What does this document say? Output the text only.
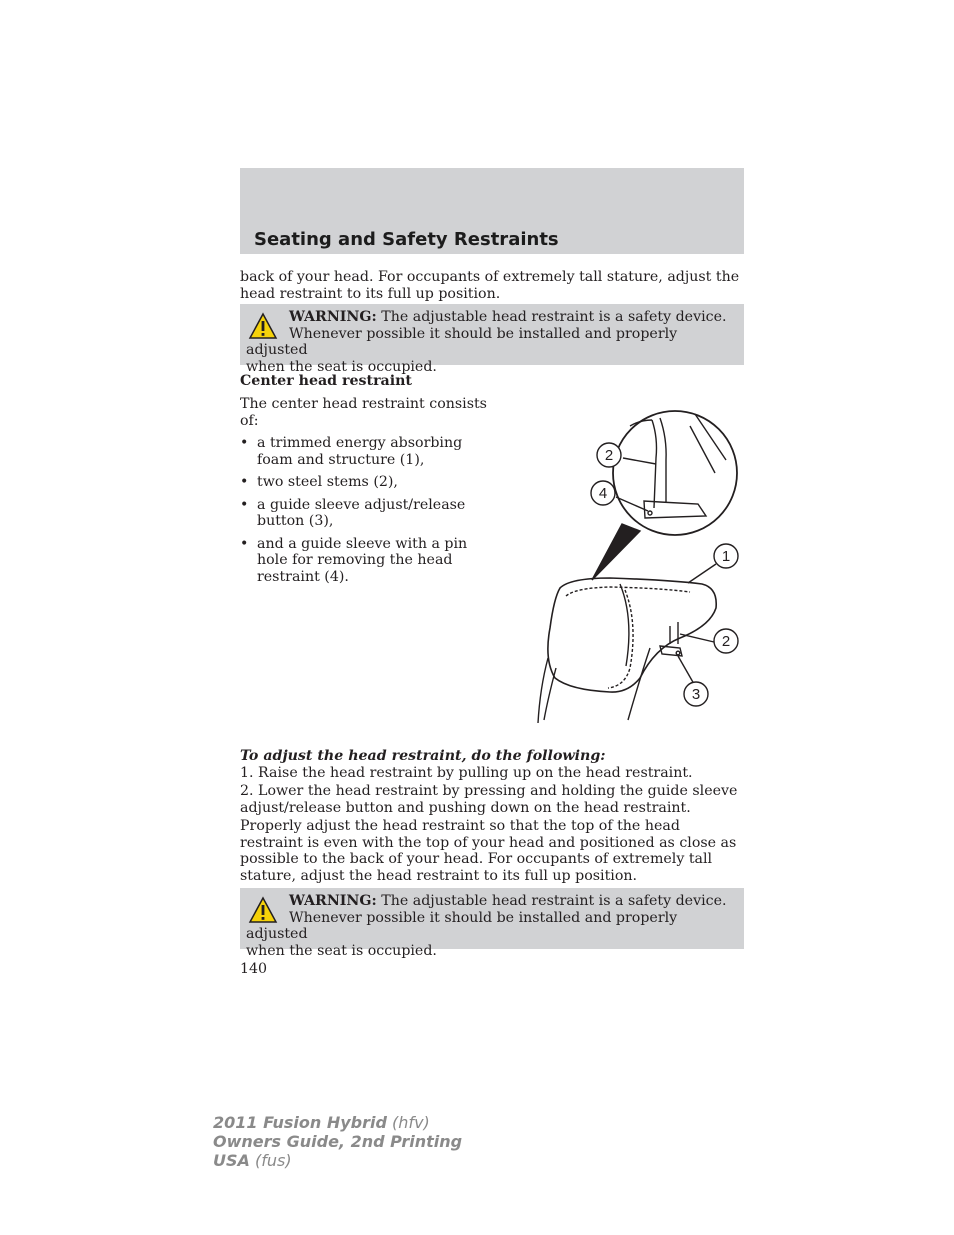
Seating and Safety Restraints

back of your head. For occupants of extremely tall stature, adjust the head restraint to its full up position.

WARNING: The adjustable head restraint is a safety device.
Whenever possible it should be installed and properly adjusted
when the seat is occupied.

Center head restraint

The center head restraint consists of:

• a trimmed energy absorbing foam and structure (1),
• two steel stems (2),
• a guide sleeve adjust/release button (3),
• and a guide sleeve with a pin hole for removing the head restraint (4).
2
4
1
2
3

To adjust the head restraint, do the following:

1. Raise the head restraint by pulling up on the head restraint.

2. Lower the head restraint by pressing and holding the guide sleeve adjust/release button and pushing down on the head restraint.

Properly adjust the head restraint so that the top of the head restraint is even with the top of your head and positioned as close as possible to the back of your head. For occupants of extremely tall stature, adjust the head restraint to its full up position.

WARNING: The adjustable head restraint is a safety device.
Whenever possible it should be installed and properly adjusted
when the seat is occupied.

140

2011 Fusion Hybrid (hfv)
Owners Guide, 2nd Printing
USA (fus)
